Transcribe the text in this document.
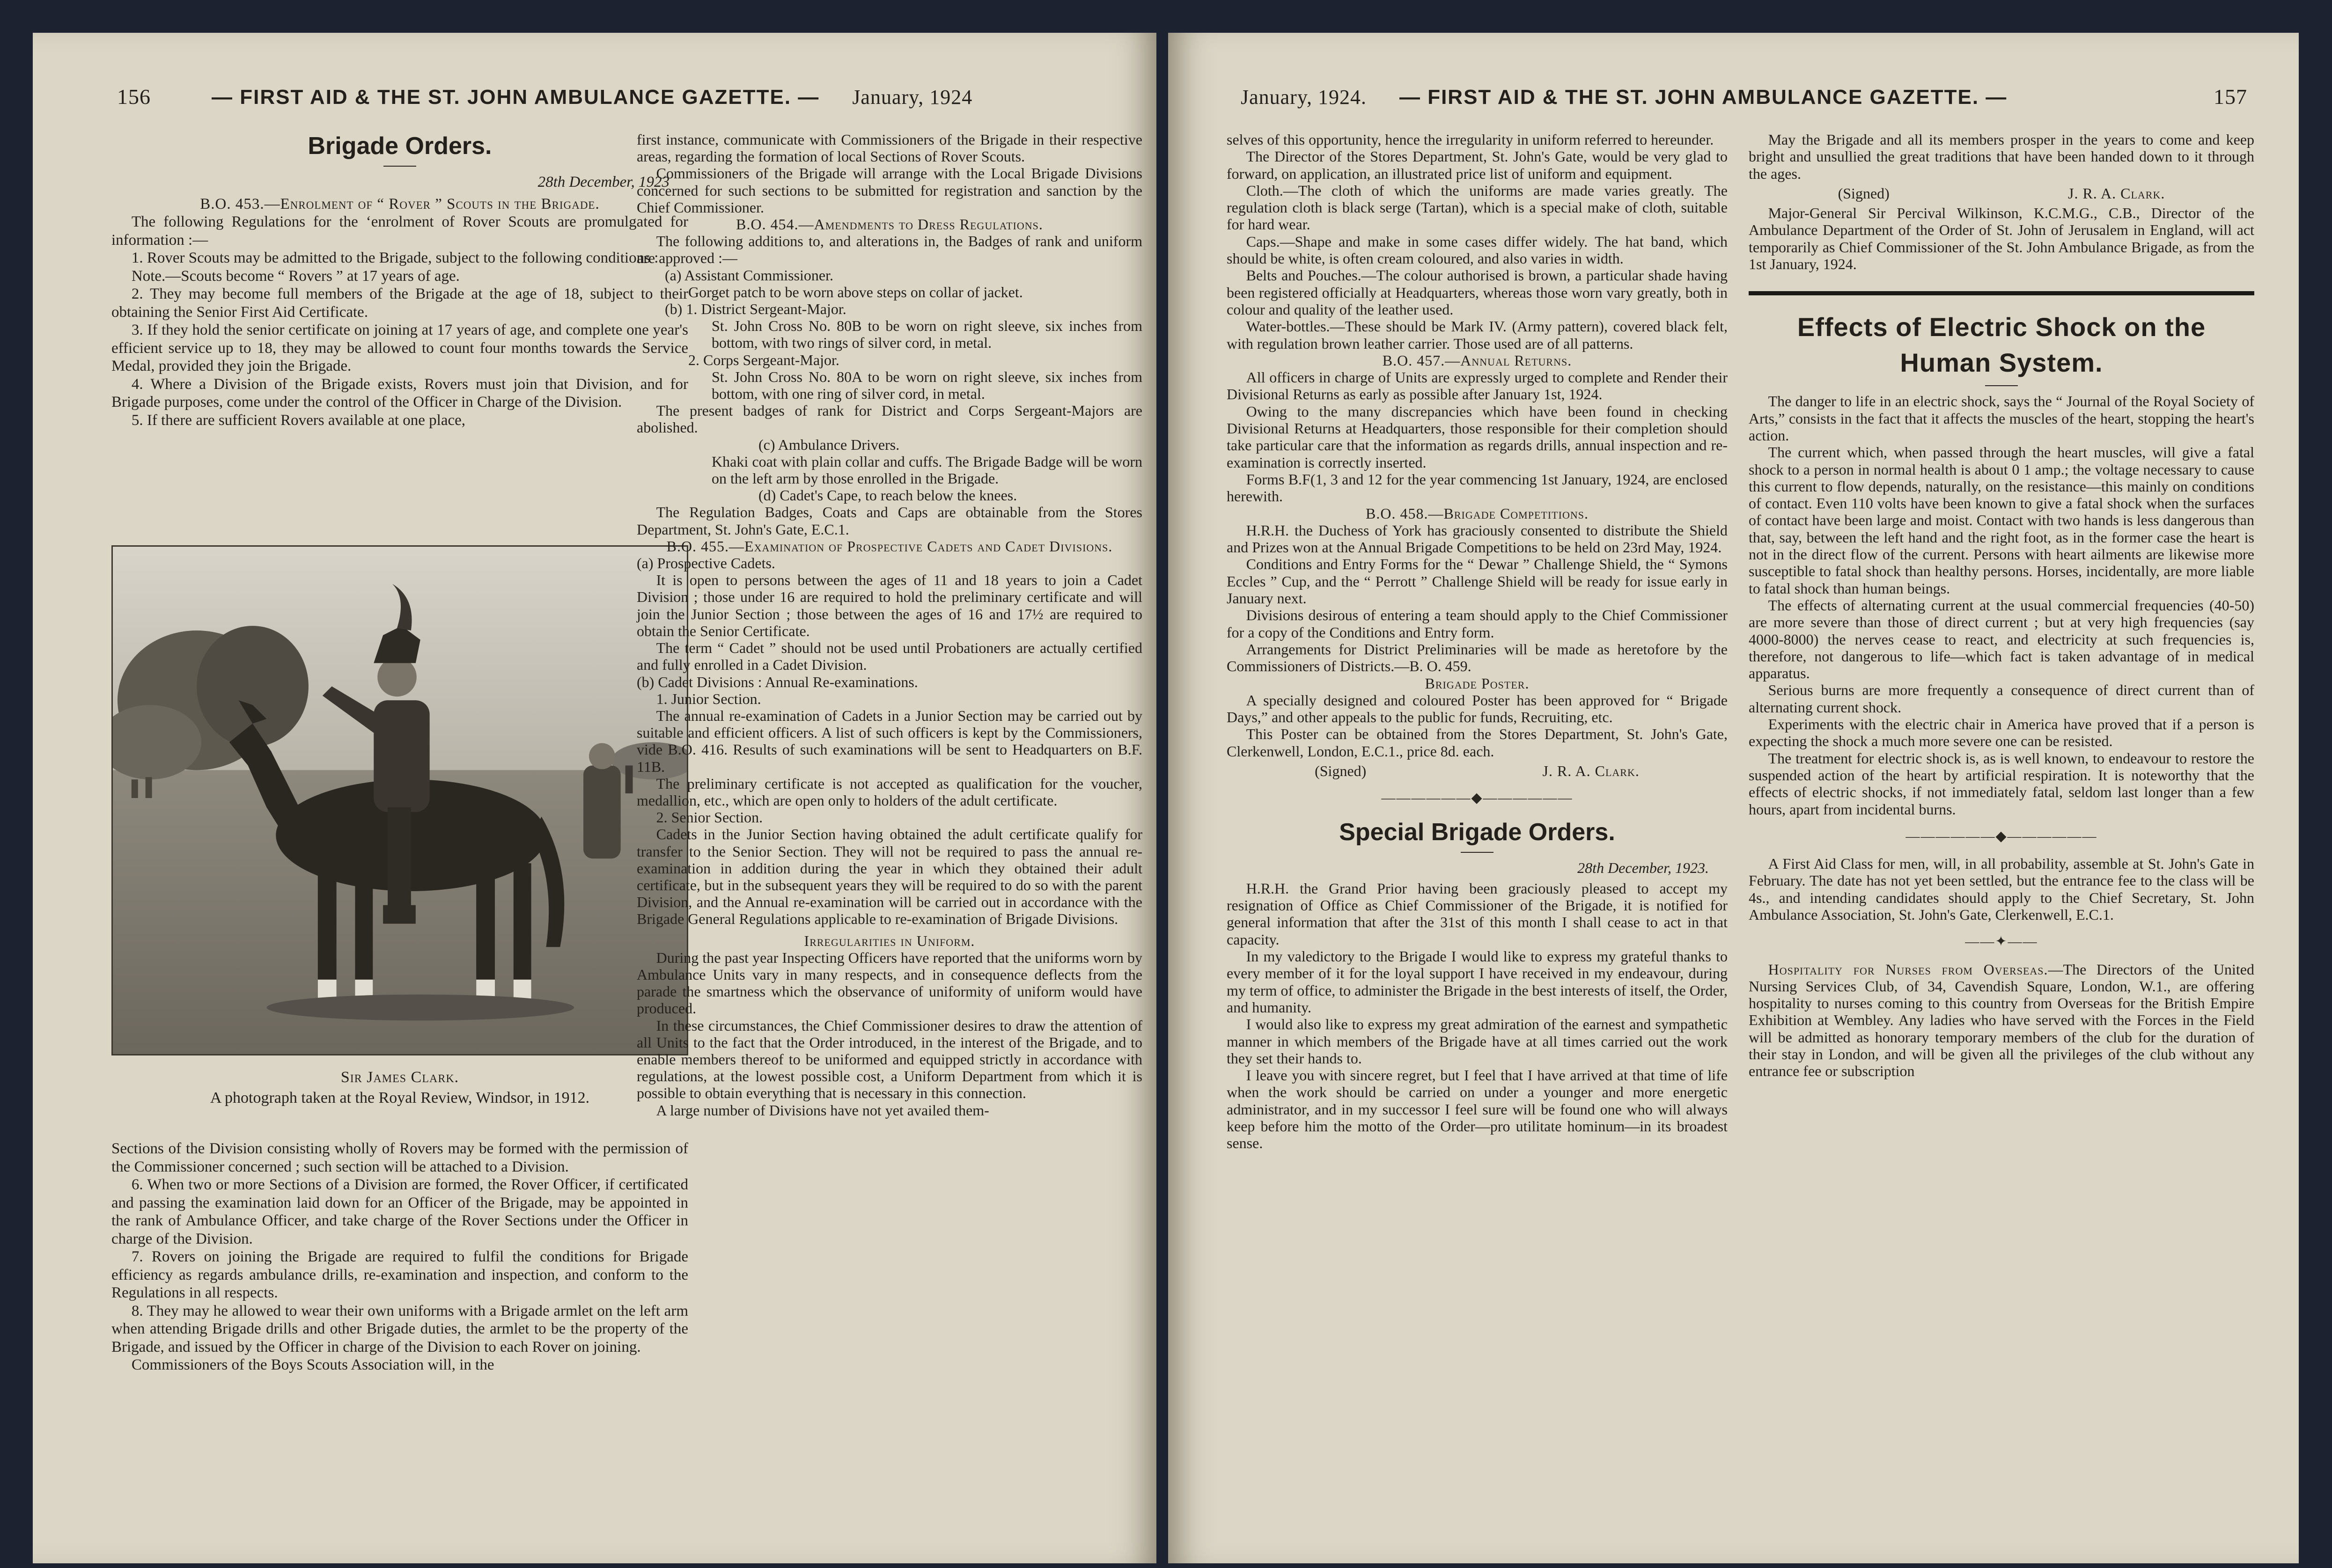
156	— FIRST AID & THE ST. JOHN AMBULANCE GAZETTE. — January, 1924
Brigade Orders.
28th December, 1923

B.O. 453.—Enrolment of “ Rover ” Scouts in the Brigade.

The following Regulations for the ‘enrolment of Rover Scouts are promulgated for information :—

1. Rover Scouts may be admitted to the Brigade, subject to the following conditions :

Note.—Scouts become “ Rovers ” at 17 years of age.

2. They may become full members of the Brigade at the age of 18, subject to their obtaining the Senior First Aid Certificate.

3. If they hold the senior certificate on joining at 17 years of age, and complete one year's efficient service up to 18, they may be allowed to count four months towards the Service Medal, provided they join the Brigade.

4. Where a Division of the Brigade exists, Rovers must join that Division, and for Brigade purposes, come under the control of the Officer in Charge of the Division.

5. If there are sufficient Rovers available at one place,

Sir James Clark.
A photograph taken at the Royal Review, Windsor, in 1912.

Sections of the Division consisting wholly of Rovers may be formed with the permission of the Commissioner concerned ; such section will be attached to a Division.

6. When two or more Sections of a Division are formed, the Rover Officer, if certificated and passing the examination laid down for an Officer of the Brigade, may be appointed in the rank of Ambulance Officer, and take charge of the Rover Sections under the Officer in charge of the Division.

7. Rovers on joining the Brigade are required to fulfil the conditions for Brigade efficiency as regards ambulance drills, re-examination and inspection, and conform to the Regulations in all respects.

8. They may he allowed to wear their own uniforms with a Brigade armlet on the left arm when attending Brigade drills and other Brigade duties, the armlet to be the property of the Brigade, and issued by the Officer in charge of the Division to each Rover on joining.

Commissioners of the Boys Scouts Association will, in the

first instance, communicate with Commissioners of the Brigade in their respective areas, regarding the formation of local Sections of Rover Scouts.

Commissioners of the Brigade will arrange with the Local Brigade Divisions concerned for such sections to be submitted for registration and sanction by the Chief Commissioner.

B.O. 454.—Amendments to Dress Regulations.

The following additions to, and alterations in, the Badges of rank and uniform are approved :—

(a) Assistant Commissioner.

Gorget patch to be worn above steps on collar of jacket.

(b) 1. District Sergeant-Major.

St. John Cross No. 80B to be worn on right sleeve, six inches from bottom, with two rings of silver cord, in metal.

2. Corps Sergeant-Major.

St. John Cross No. 80A to be worn on right sleeve, six inches from bottom, with one ring of silver cord, in metal.

The present badges of rank for District and Corps Sergeant-Majors are abolished.

(c) Ambulance Drivers.

Khaki coat with plain collar and cuffs. The Brigade Badge will be worn on the left arm by those enrolled in the Brigade.

(d) Cadet's Cape, to reach below the knees.

The Regulation Badges, Coats and Caps are obtainable from the Stores Department, St. John's Gate, E.C.1.

B.O. 455.—Examination of Prospective Cadets and Cadet Divisions.

(a) Prospective Cadets.

It is open to persons between the ages of 11 and 18 years to join a Cadet Division ; those under 16 are required to hold the preliminary certificate and will join the Junior Section ; those between the ages of 16 and 17½ are required to obtain the Senior Certificate.

The term “ Cadet ” should not be used until Probationers are actually certified and fully enrolled in a Cadet Division.

(b) Cadet Divisions : Annual Re-examinations.

1. Junior Section.

The annual re-examination of Cadets in a Junior Section may be carried out by suitable and efficient officers. A list of such officers is kept by the Commissioners, vide B.O. 416. Results of such examinations will be sent to Headquarters on B.F. 11B.

The preliminary certificate is not accepted as qualification for the voucher, medallion, etc., which are open only to holders of the adult certificate.

2. Senior Section.

Cadets in the Junior Section having obtained the adult certificate qualify for transfer to the Senior Section. They will not be required to pass the annual re-examination in addition during the year in which they obtained their adult certificate, but in the subsequent years they will be required to do so with the parent Division, and the Annual re-examination will be carried out in accordance with the Brigade General Regulations applicable to re-examination of Brigade Divisions.

Irregularities in Uniform.

During the past year Inspecting Officers have reported that the uniforms worn by Ambulance Units vary in many respects, and in consequence deflects from the parade the smartness which the observance of uniformity of uniform would have produced.

In these circumstances, the Chief Commissioner desires to draw the attention of all Units to the fact that the Order introduced, in the interest of the Brigade, and to enable members thereof to be uniformed and equipped strictly in accordance with regulations, at the lowest possible cost, a Uniform Department from which it is possible to obtain everything that is necessary in this connection.

A large number of Divisions have not yet availed them-

January, 1924. — FIRST AID & THE ST. JOHN AMBULANCE GAZETTE. —	157

selves of this opportunity, hence the irregularity in uniform referred to hereunder.

The Director of the Stores Department, St. John's Gate, would be very glad to forward, on application, an illustrated price list of uniform and equipment.

Cloth.—The cloth of which the uniforms are made varies greatly. The regulation cloth is black serge (Tartan), which is a special make of cloth, suitable for hard wear.

Caps.—Shape and make in some cases differ widely. The hat band, which should be white, is often cream coloured, and also varies in width.

Belts and Pouches.—The colour authorised is brown, a particular shade having been registered officially at Headquarters, whereas those worn vary greatly, both in colour and quality of the leather used.

Water-bottles.—These should be Mark IV. (Army pattern), covered black felt, with regulation brown leather carrier. Those used are of all patterns.

B.O. 457.—Annual Returns.

All officers in charge of Units are expressly urged to complete and Render their Divisional Returns as early as possible after January 1st, 1924.

Owing to the many discrepancies which have been found in checking Divisional Returns at Headquarters, those responsible for their completion should take particular care that the information as regards drills, annual inspection and re-examination is correctly inserted.

Forms B.F(1, 3 and 12 for the year commencing 1st January, 1924, are enclosed herewith.

B.O. 458.—Brigade Competitions.

H.R.H. the Duchess of York has graciously consented to distribute the Shield and Prizes won at the Annual Brigade Competitions to be held on 23rd May, 1924.

Conditions and Entry Forms for the “ Dewar ” Challenge Shield, the “ Symons Eccles ” Cup, and the “ Perrott ” Challenge Shield will be ready for issue early in January next.

Divisions desirous of entering a team should apply to the Chief Commissioner for a copy of the Conditions and Entry form.

Arrangements for District Preliminaries will be made as heretofore by the Commissioners of Districts.—B. O. 459.

Brigade Poster.

A specially designed and coloured Poster has been approved for “ Brigade Days,” and other appeals to the public for funds, Recruiting, etc.

This Poster can be obtained from the Stores Department, St. John's Gate, Clerkenwell, London, E.C.1., price 8d. each.

(Signed)	J. R. A. Clark.
——————◆——————
Special Brigade Orders.
28th December, 1923.

H.R.H. the Grand Prior having been graciously pleased to accept my resignation of Office as Chief Commissioner of the Brigade, it is notified for general information that after the 31st of this month I shall cease to act in that capacity.

In my valedictory to the Brigade I would like to express my grateful thanks to every member of it for the loyal support I have received in my endeavour, during my term of office, to administer the Brigade in the best interests of itself, the Order, and humanity.

I would also like to express my great admiration of the earnest and sympathetic manner in which members of the Brigade have at all times carried out the work they set their hands to.

I leave you with sincere regret, but I feel that I have arrived at that time of life when the work should be carried on under a younger and more energetic administrator, and in my successor I feel sure will be found one who will always keep before him the motto of the Order—pro utilitate hominum—in its broadest sense.

May the Brigade and all its members prosper in the years to come and keep bright and unsullied the great traditions that have been handed down to it through the ages.

(Signed)	J. R. A. Clark.

Major-General Sir Percival Wilkinson, K.C.M.G., C.B., Director of the Ambulance Department of the Order of St. John of Jerusalem in England, will act temporarily as Chief Commissioner of the St. John Ambulance Brigade, as from the 1st January, 1924.

Effects of Electric Shock on the Human System.

The danger to life in an electric shock, says the “ Journal of the Royal Society of Arts,” consists in the fact that it affects the muscles of the heart, stopping the heart's action.

The current which, when passed through the heart muscles, will give a fatal shock to a person in normal health is about 0 1 amp.; the voltage necessary to cause this current to flow depends, naturally, on the resistance—this mainly on conditions of contact. Even 110 volts have been known to give a fatal shock when the surfaces of contact have been large and moist. Contact with two hands is less dangerous than that, say, between the left hand and the right foot, as in the former case the heart is not in the direct flow of the current. Persons with heart ailments are likewise more susceptible to fatal shock than healthy persons. Horses, incidentally, are more liable to fatal shock than human beings.

The effects of alternating current at the usual commercial frequencies (40-50) are more severe than those of direct current ; but at very high frequencies (say 4000-8000) the nerves cease to react, and electricity at such frequencies is, therefore, not dangerous to life—which fact is taken advantage of in medical apparatus.

Serious burns are more frequently a consequence of direct current than of alternating current shock.

Experiments with the electric chair in America have proved that if a person is expecting the shock a much more severe one can be resisted.

The treatment for electric shock is, as is well known, to endeavour to restore the suspended action of the heart by artificial respiration. It is noteworthy that the effects of electric shocks, if not immediately fatal, seldom last longer than a few hours, apart from incidental burns.

——————◆——————

A First Aid Class for men, will, in all probability, assemble at St. John's Gate in February. The date has not yet been settled, but the entrance fee to the class will be 4s., and intending candidates should apply to the Chief Secretary, St. John Ambulance Association, St. John's Gate, Clerkenwell, E.C.1.

——✦——

Hospitality for Nurses from Overseas.—The Directors of the United Nursing Services Club, of 34, Cavendish Square, London, W.1., are offering hospitality to nurses coming to this country from Overseas for the British Empire Exhibition at Wembley. Any ladies who have served with the Forces in the Field will be admitted as honorary temporary members of the club for the duration of their stay in London, and will be given all the privileges of the club without any entrance fee or subscription
